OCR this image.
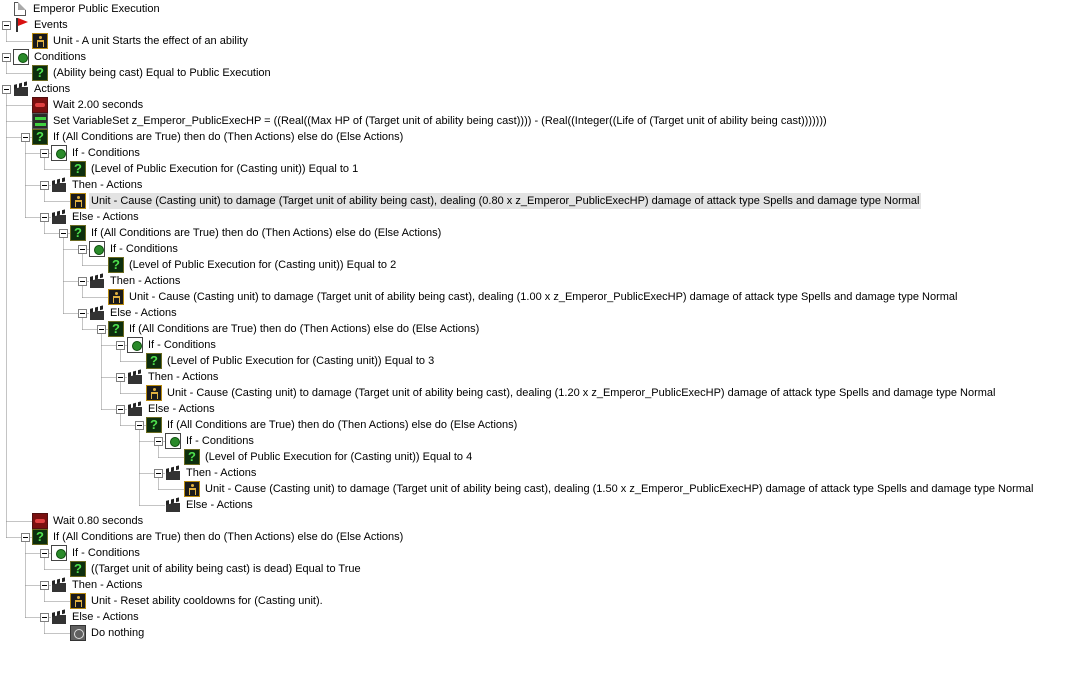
Emperor Public Execution
Events
Unit - A unit Starts the effect of an ability
Conditions
? (Ability being cast) Equal to Public Execution
Actions
Wait 2.00 seconds
Set VariableSet z_Emperor_PublicExecHP = ((Real((Max HP of (Target unit of ability being cast)))) - (Real((Integer((Life of (Target unit of ability being cast)))))))
? If (All Conditions are True) then do (Then Actions) else do (Else Actions)
If - Conditions
? (Level of Public Execution for (Casting unit)) Equal to 1
Then - Actions
Unit - Cause (Casting unit) to damage (Target unit of ability being cast), dealing (0.80 x z_Emperor_PublicExecHP) damage of attack type Spells and damage type Normal
Else - Actions
? If (All Conditions are True) then do (Then Actions) else do (Else Actions)
If - Conditions
? (Level of Public Execution for (Casting unit)) Equal to 2
Then - Actions
Unit - Cause (Casting unit) to damage (Target unit of ability being cast), dealing (1.00 x z_Emperor_PublicExecHP) damage of attack type Spells and damage type Normal
Else - Actions
? If (All Conditions are True) then do (Then Actions) else do (Else Actions)
If - Conditions
? (Level of Public Execution for (Casting unit)) Equal to 3
Then - Actions
Unit - Cause (Casting unit) to damage (Target unit of ability being cast), dealing (1.20 x z_Emperor_PublicExecHP) damage of attack type Spells and damage type Normal
Else - Actions
? If (All Conditions are True) then do (Then Actions) else do (Else Actions)
If - Conditions
? (Level of Public Execution for (Casting unit)) Equal to 4
Then - Actions
Unit - Cause (Casting unit) to damage (Target unit of ability being cast), dealing (1.50 x z_Emperor_PublicExecHP) damage of attack type Spells and damage type Normal
Else - Actions
Wait 0.80 seconds
? If (All Conditions are True) then do (Then Actions) else do (Else Actions)
If - Conditions
? ((Target unit of ability being cast) is dead) Equal to True
Then - Actions
Unit - Reset ability cooldowns for (Casting unit).
Else - Actions
Do nothing
